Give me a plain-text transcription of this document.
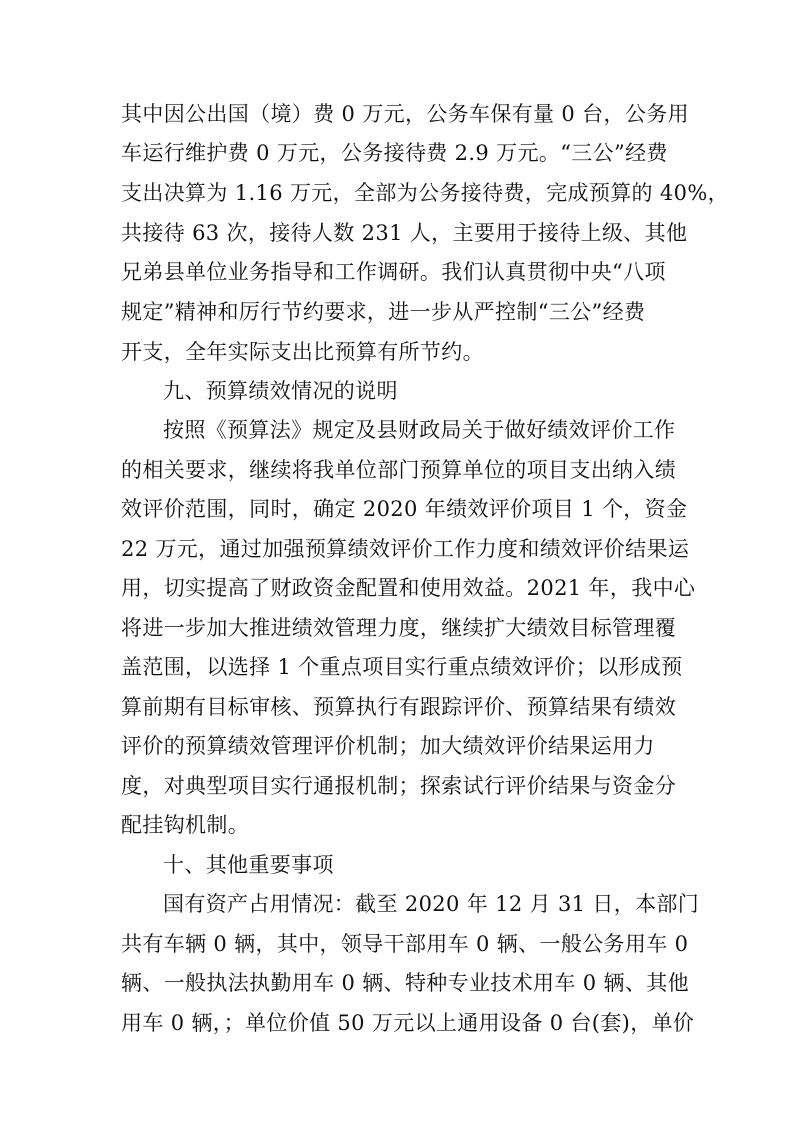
其中因公出国（境）费 0 万元，公务车保有量 0 台，公务用
车运行维护费 0 万元，公务接待费 2.9 万元。“三公”经费
支出决算为 1.16 万元，全部为公务接待费，完成预算的 40%，
共接待 63 次，接待人数 231 人，主要用于接待上级、其他
兄弟县单位业务指导和工作调研。我们认真贯彻中央“八项
规定”精神和厉行节约要求，进一步从严控制“三公”经费
开支，全年实际支出比预算有所节约。
九、预算绩效情况的说明
按照《预算法》规定及县财政局关于做好绩效评价工作
的相关要求，继续将我单位部门预算单位的项目支出纳入绩
效评价范围，同时，确定 2020 年绩效评价项目 1 个，资金
22 万元，通过加强预算绩效评价工作力度和绩效评价结果运
用，切实提高了财政资金配置和使用效益。2021 年，我中心
将进一步加大推进绩效管理力度，继续扩大绩效目标管理覆
盖范围，以选择 1 个重点项目实行重点绩效评价；以形成预
算前期有目标审核、预算执行有跟踪评价、预算结果有绩效
评价的预算绩效管理评价机制；加大绩效评价结果运用力
度，对典型项目实行通报机制；探索试行评价结果与资金分
配挂钩机制。
十、其他重要事项
国有资产占用情况：截至 2020 年 12 月 31 日，本部门
共有车辆 0 辆，其中，领导干部用车 0 辆、一般公务用车 0
辆、一般执法执勤用车 0 辆、特种专业技术用车 0 辆、其他
用车 0 辆，；单位价值 50 万元以上通用设备 0 台(套)，单价
